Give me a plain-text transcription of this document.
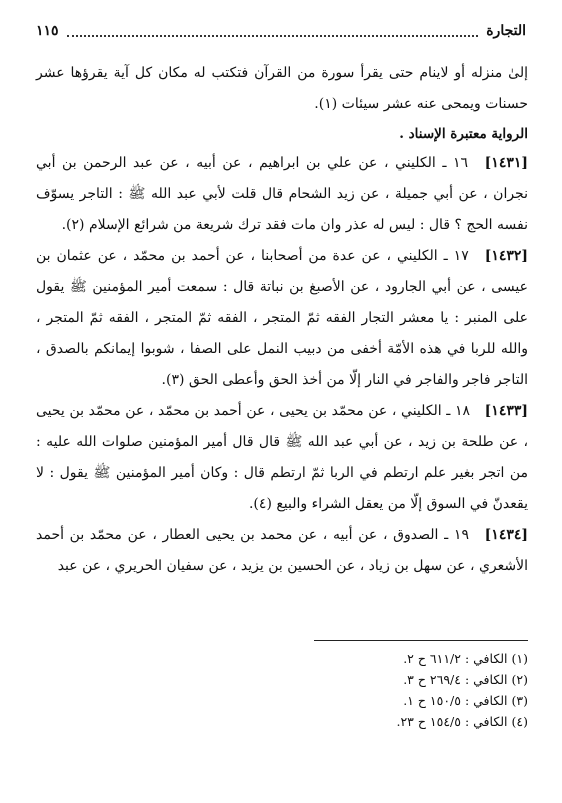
التجارة
١١٥

إلىٰ منزله أو لاينام حتى يقرأ سورة من القرآن فتكتب له مكان كل آية يقرؤها عشر حسنات ويمحى عنه عشر سيئات (١).

الرواية معتبرة الإسناد .

[١٤٣١] ١٦ ـ الكليني ، عن علي بن ابراهيم ، عن أبيه ، عن عبد الرحمن بن أبي نجران ، عن أبي جميلة ، عن زيد الشحام قال قلت لأبي عبد الله ﷺ : التاجر يسوّف نفسه الحج ؟ قال : ليس له عذر وان مات فقد ترك شريعة من شرائع الإسلام (٢).

[١٤٣٢] ١٧ ـ الكليني ، عن عدة من أصحابنا ، عن أحمد بن محمّد ، عن عثمان بن عيسى ، عن أبي الجارود ، عن الأصبغ بن نباتة قال : سمعت أمير المؤمنين ﷺ يقول على المنبر : يا معشر التجار الفقه ثمّ المتجر ، الفقه ثمّ المتجر ، الفقه ثمّ المتجر ، والله للربا في هذه الأمّة أخفى من دبيب النمل على الصفا ، شوبوا إيمانكم بالصدق ، التاجر فاجر والفاجر في النار إلّا من أخذ الحق وأعطى الحق (٣).

[١٤٣٣] ١٨ ـ الكليني ، عن محمّد بن يحيى ، عن أحمد بن محمّد ، عن محمّد بن يحيى ، عن طلحة بن زيد ، عن أبي عبد الله ﷺ قال قال أمير المؤمنين صلوات الله عليه : من اتجر بغير علم ارتطم في الربا ثمّ ارتطم قال : وكان أمير المؤمنين ﷺ يقول : لا يقعدنّ في السوق إلّا من يعقل الشراء والبيع (٤).

[١٤٣٤] ١٩ ـ الصدوق ، عن أبيه ، عن محمد بن يحيى العطار ، عن محمّد بن أحمد الأشعري ، عن سهل بن زياد ، عن الحسين بن يزيد ، عن سفيان الحريري ، عن عبد

(١) الكافي : ٦١١/٢ ح ٢.
(٢) الكافي : ٢٦٩/٤ ح ٣.
(٣) الكافي : ١٥٠/٥ ح ١.
(٤) الكافي : ١٥٤/٥ ح ٢٣.
